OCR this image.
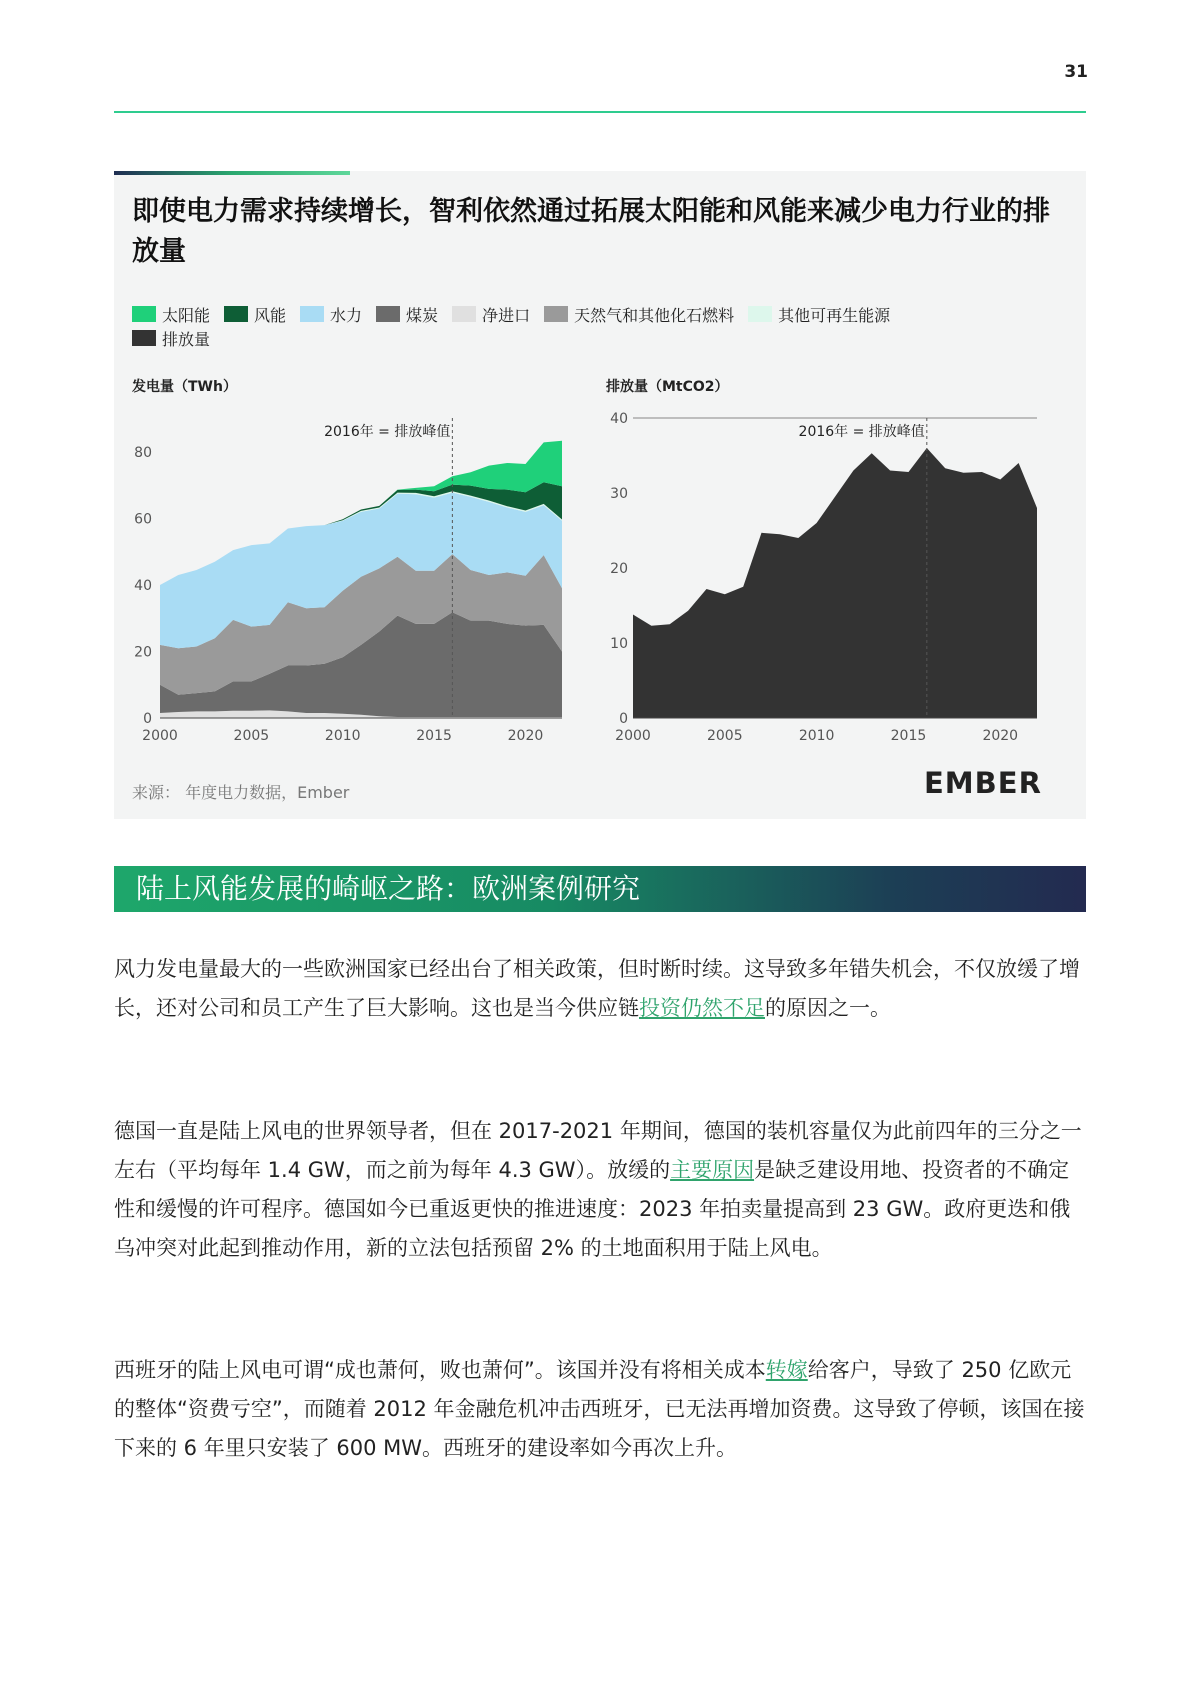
31
即使电力需求持续增长，智利依然通过拓展太阳能和风能来减少电力行业的排放量
太阳能	风能	水力	煤炭	净进口	天然气和其他化石燃料	其他可再生能源

排放量
发电量（TWh）	排放量（MtCO2）
0
20
40
60
80
2000	2005	2010	2015	2020
2016年 = 排放峰值
0
10
20
30
40
2000	2005	2010	2015	2020
2016年 = 排放峰值
来源： 年度电力数据，Ember	EMBER
陆上风能发展的崎岖之路：欧洲案例研究

风力发电量最大的一些欧洲国家已经出台了相关政策，但时断时续。这导致多年错失机会，不仅放缓了增长，还对公司和员工产生了巨大影响。这也是当今供应链投资仍然不足的原因之一。

德国一直是陆上风电的世界领导者，但在 2017-2021 年期间，德国的装机容量仅为此前四年的三分之一左右（平均每年 1.4 GW，而之前为每年 4.3 GW）。放缓的主要原因是缺乏建设用地、投资者的不确定性和缓慢的许可程序。德国如今已重返更快的推进速度：2023 年拍卖量提高到 23 GW。政府更迭和俄乌冲突对此起到推动作用，新的立法包括预留 2% 的土地面积用于陆上风电。

西班牙的陆上风电可谓“成也萧何，败也萧何”。该国并没有将相关成本转嫁给客户，导致了 250 亿欧元的整体“资费亏空”，而随着 2012 年金融危机冲击西班牙，已无法再增加资费。这导致了停顿，该国在接下来的 6 年里只安装了 600 MW。西班牙的建设率如今再次上升。
